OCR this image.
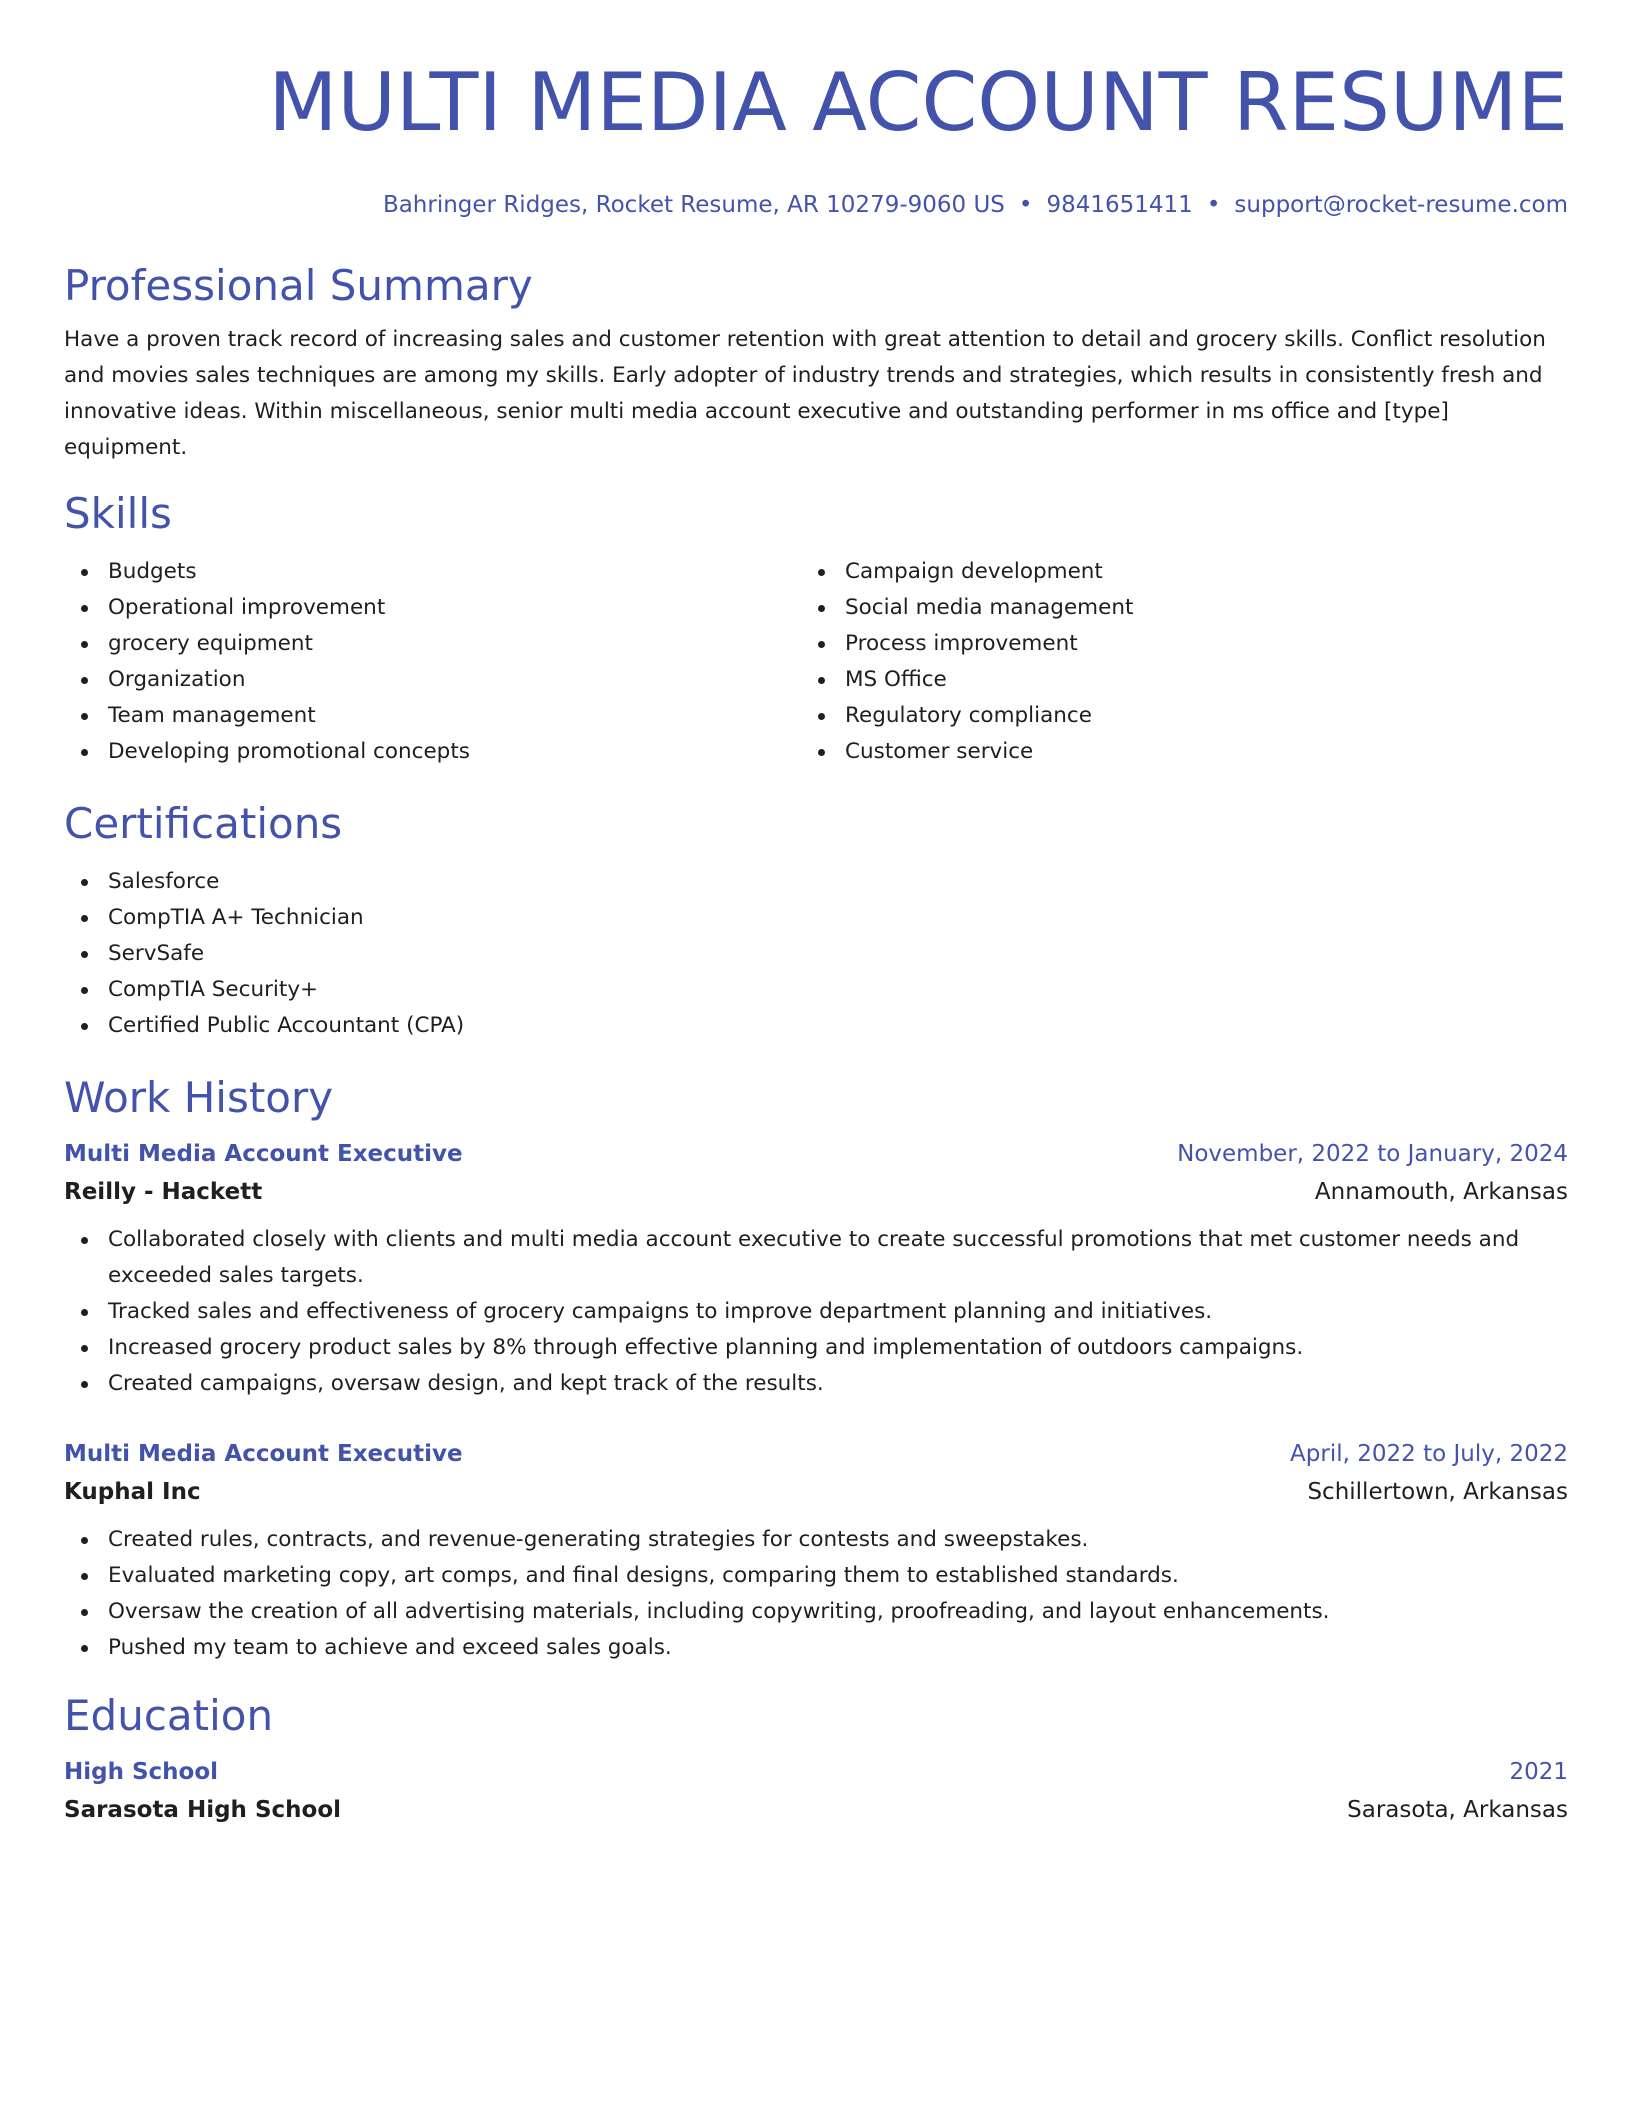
MULTI MEDIA ACCOUNT RESUME
Bahringer Ridges, Rocket Resume, AR 10279-9060 US • 9841651411 • support@rocket-resume.com
Professional Summary

Have a proven track record of increasing sales and customer retention with great attention to detail and grocery skills. Conflict resolution and movies sales techniques are among my skills. Early adopter of industry trends and strategies, which results in consistently fresh and innovative ideas. Within miscellaneous, senior multi media account executive and outstanding performer in ms office and [type] equipment.

Skills
Budgets
Operational improvement
grocery equipment
Organization
Team management
Developing promotional concepts
Campaign development
Social media management
Process improvement
MS Office
Regulatory compliance
Customer service
Certifications
Salesforce
CompTIA A+ Technician
ServSafe
CompTIA Security+
Certified Public Accountant (CPA)
Work History
Multi Media Account Executive	November, 2022 to January, 2024
Reilly - Hackett	Annamouth, Arkansas
Collaborated closely with clients and multi media account executive to create successful promotions that met customer needs and exceeded sales targets.
Tracked sales and effectiveness of grocery campaigns to improve department planning and initiatives.
Increased grocery product sales by 8% through effective planning and implementation of outdoors campaigns.
Created campaigns, oversaw design, and kept track of the results.
Multi Media Account Executive	April, 2022 to July, 2022
Kuphal Inc	Schillertown, Arkansas
Created rules, contracts, and revenue-generating strategies for contests and sweepstakes.
Evaluated marketing copy, art comps, and final designs, comparing them to established standards.
Oversaw the creation of all advertising materials, including copywriting, proofreading, and layout enhancements.
Pushed my team to achieve and exceed sales goals.
Education
High School	2021
Sarasota High School	Sarasota, Arkansas
